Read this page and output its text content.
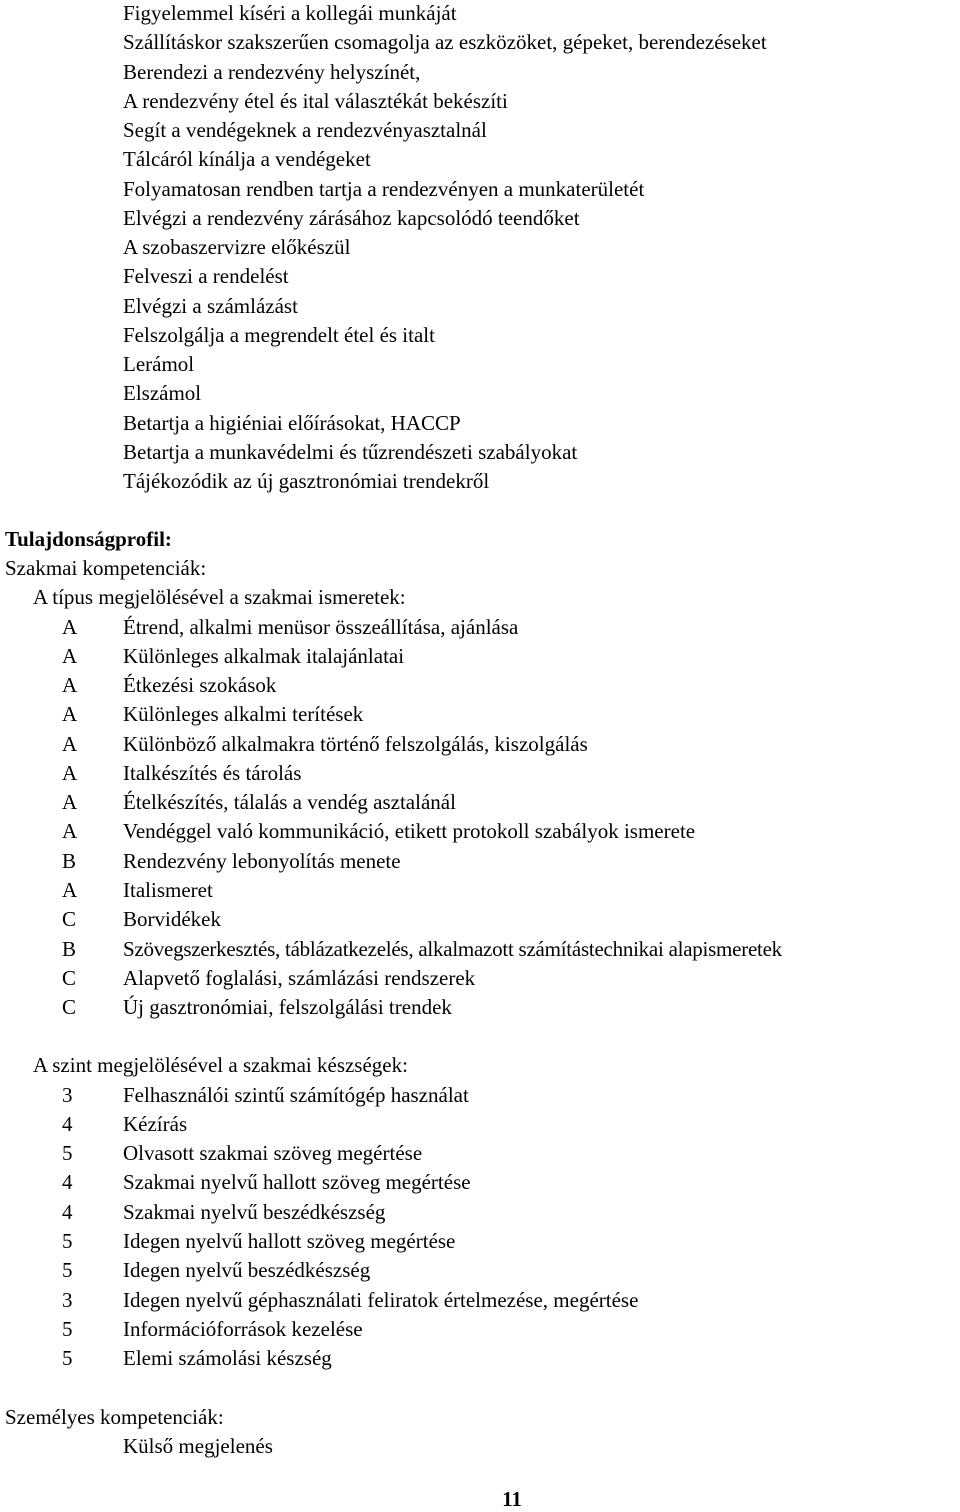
Figyelemmel kíséri a kollegái munkáját
Szállításkor szakszerűen csomagolja az eszközöket, gépeket, berendezéseket
Berendezi a rendezvény helyszínét,
A rendezvény étel és ital választékát bekészíti
Segít a vendégeknek a rendezvényasztalnál
Tálcáról kínálja a vendégeket
Folyamatosan rendben tartja a rendezvényen a munkaterületét
Elvégzi a rendezvény zárásához kapcsolódó teendőket
A szobaszervizre előkészül
Felveszi a rendelést
Elvégzi a számlázást
Felszolgálja a megrendelt étel és italt
Lerámol
Elszámol
Betartja a higiéniai előírásokat, HACCP
Betartja a munkavédelmi és tűzrendészeti szabályokat
Tájékozódik az új gasztronómiai trendekről
Tulajdonságprofil:
Szakmai kompetenciák:
A típus megjelölésével a szakmai ismeretek:
A Étrend, alkalmi menüsor összeállítása, ajánlása
A Különleges alkalmak italajánlatai
A Étkezési szokások
A Különleges alkalmi terítések
A Különböző alkalmakra történő felszolgálás, kiszolgálás
A Italkészítés és tárolás
A Ételkészítés, tálalás a vendég asztalánál
A Vendéggel való kommunikáció, etikett protokoll szabályok ismerete
B Rendezvény lebonyolítás menete
A Italismeret
C Borvidékek
B Szövegszerkesztés, táblázatkezelés, alkalmazott számítástechnikai alapismeretek
C Alapvető foglalási, számlázási rendszerek
C Új gasztronómiai, felszolgálási trendek
A szint megjelölésével a szakmai készségek:
3 Felhasználói szintű számítógép használat
4 Kézírás
5 Olvasott szakmai szöveg megértése
4 Szakmai nyelvű hallott szöveg megértése
4 Szakmai nyelvű beszédkészség
5 Idegen nyelvű hallott szöveg megértése
5 Idegen nyelvű beszédkészség
3 Idegen nyelvű géphasználati feliratok értelmezése, megértése
5 Információforrások kezelése
5 Elemi számolási készség
Személyes kompetenciák:
Külső megjelenés
11
